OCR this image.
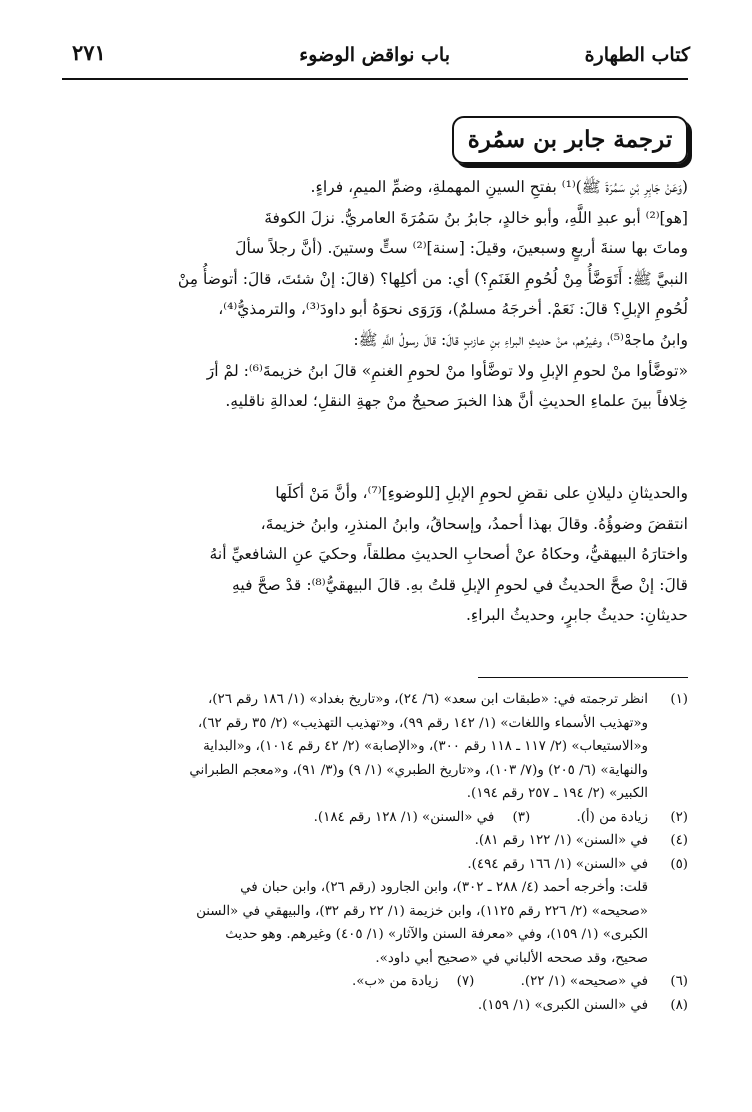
كتاب الطهارة
باب نواقض الوضوء
٢٧١
ترجمة جابر بن سمُرة
(وَعَنْ جَابِرِ بْنِ سَمُرَةَ ﷺ)⁽¹⁾ بفتحِ السينِ المهملةِ، وضمِّ الميمِ، فراءٍ.
[هو]⁽²⁾ أبو عبدِ اللَّهِ، وأبو خالدٍ، جابرُ بنُ سَمُرَةَ العامريُّ. نزلَ الكوفةَ
وماتَ بها سنةَ أربعٍ وسبعينَ، وقيلَ: [سنة]⁽²⁾ ستٍّ وستينَ. (أنَّ رجلاً سألَ
النبيَّ ﷺ: أَتَوَضَّأُ مِنْ لُحُومِ الغَنَمِ؟) أي: من أكلِها؟ (قالَ: إنْ شئتَ، قالَ: أتوضأُ مِنْ
لُحُومِ الإبلِ؟ قالَ: نَعَمْ. أخرجَهُ مسلمٌ)، وَرَوَى نحوَهُ أبو داودَ⁽³⁾، والترمذيُّ⁽⁴⁾،
وابنُ ماجهْ⁽⁵⁾، وغيرُهم، منْ حديثِ البراءِ بنِ عازبٍ قالَ: قالَ رسولُ اللَّهِ ﷺ:
«توضَّأوا منْ لحومِ الإبلِ ولا توضَّأوا منْ لحومِ الغنمِ» قالَ ابنُ خزيمةَ⁽⁶⁾: لمْ أرَ
خِلافاً بينَ علماءِ الحديثِ أنَّ هذا الخبرَ صحيحٌ منْ جهةِ النقلِ؛ لعدالةِ ناقليهِ.
والحديثانِ دليلانِ على نقضِ لحومِ الإبلِ [للوضوءِ]⁽⁷⁾، وأنَّ مَنْ أكلَها
انتقضَ وضوؤُهُ. وقالَ بهذا أحمدُ، وإسحاقُ، وابنُ المنذرِ، وابنُ خزيمةَ،
واختارَهُ البيهقيُّ، وحكاهُ عنْ أصحابِ الحديثِ مطلقاً، وحكيَ عنِ الشافعيِّ أنهُ
قالَ: إنْ صحَّ الحديثُ في لحومِ الإبلِ قلتُ بهِ. قالَ البيهقيُّ⁽⁸⁾: قدْ صحَّ فيهِ
حديثانِ: حديثُ جابرٍ، وحديثُ البراءِ.
(١)
انظر ترجمته في: «طبقات ابن سعد» (٦/ ٢٤)، و«تاريخ بغداد» (١/ ١٨٦ رقم ٢٦)،
و«تهذيب الأسماء واللغات» (١/ ١٤٢ رقم ٩٩)، و«تهذيب التهذيب» (٢/ ٣٥ رقم ٦٢)،
و«الاستيعاب» (٢/ ١١٧ ـ ١١٨ رقم ٣٠٠)، و«الإصابة» (٢/ ٤٢ رقم ١٠١٤)، و«البداية
والنهاية» (٦/ ٢٠٥) و(٧/ ١٠٣)، و«تاريخ الطبري» (١/ ٩) و(٣/ ٩١)، و«معجم الطبراني
الكبير» (٢/ ١٩٤ ـ ٢٥٧ رقم ١٩٤).
(٢)
زيادة من (أ). (٣) في «السنن» (١/ ١٢٨ رقم ١٨٤).
(٤)
في «السنن» (١/ ١٢٢ رقم ٨١).
(٥)
في «السنن» (١/ ١٦٦ رقم ٤٩٤).
قلت: وأخرجه أحمد (٤/ ٢٨٨ ـ ٣٠٢)، وابن الجارود (رقم ٢٦)، وابن حبان في
«صحيحه» (٢/ ٢٢٦ رقم ١١٢٥)، وابن خزيمة (١/ ٢٢ رقم ٣٢)، والبيهقي في «السنن
الكبرى» (١/ ١٥٩)، وفي «معرفة السنن والآثار» (١/ ٤٠٥) وغيرهم. وهو حديث
صحيح، وقد صححه الألباني في «صحيح أبي داود».
(٦)
في «صحيحه» (١/ ٢٢). (٧) زيادة من «ب».
(٨)
في «السنن الكبرى» (١/ ١٥٩).
